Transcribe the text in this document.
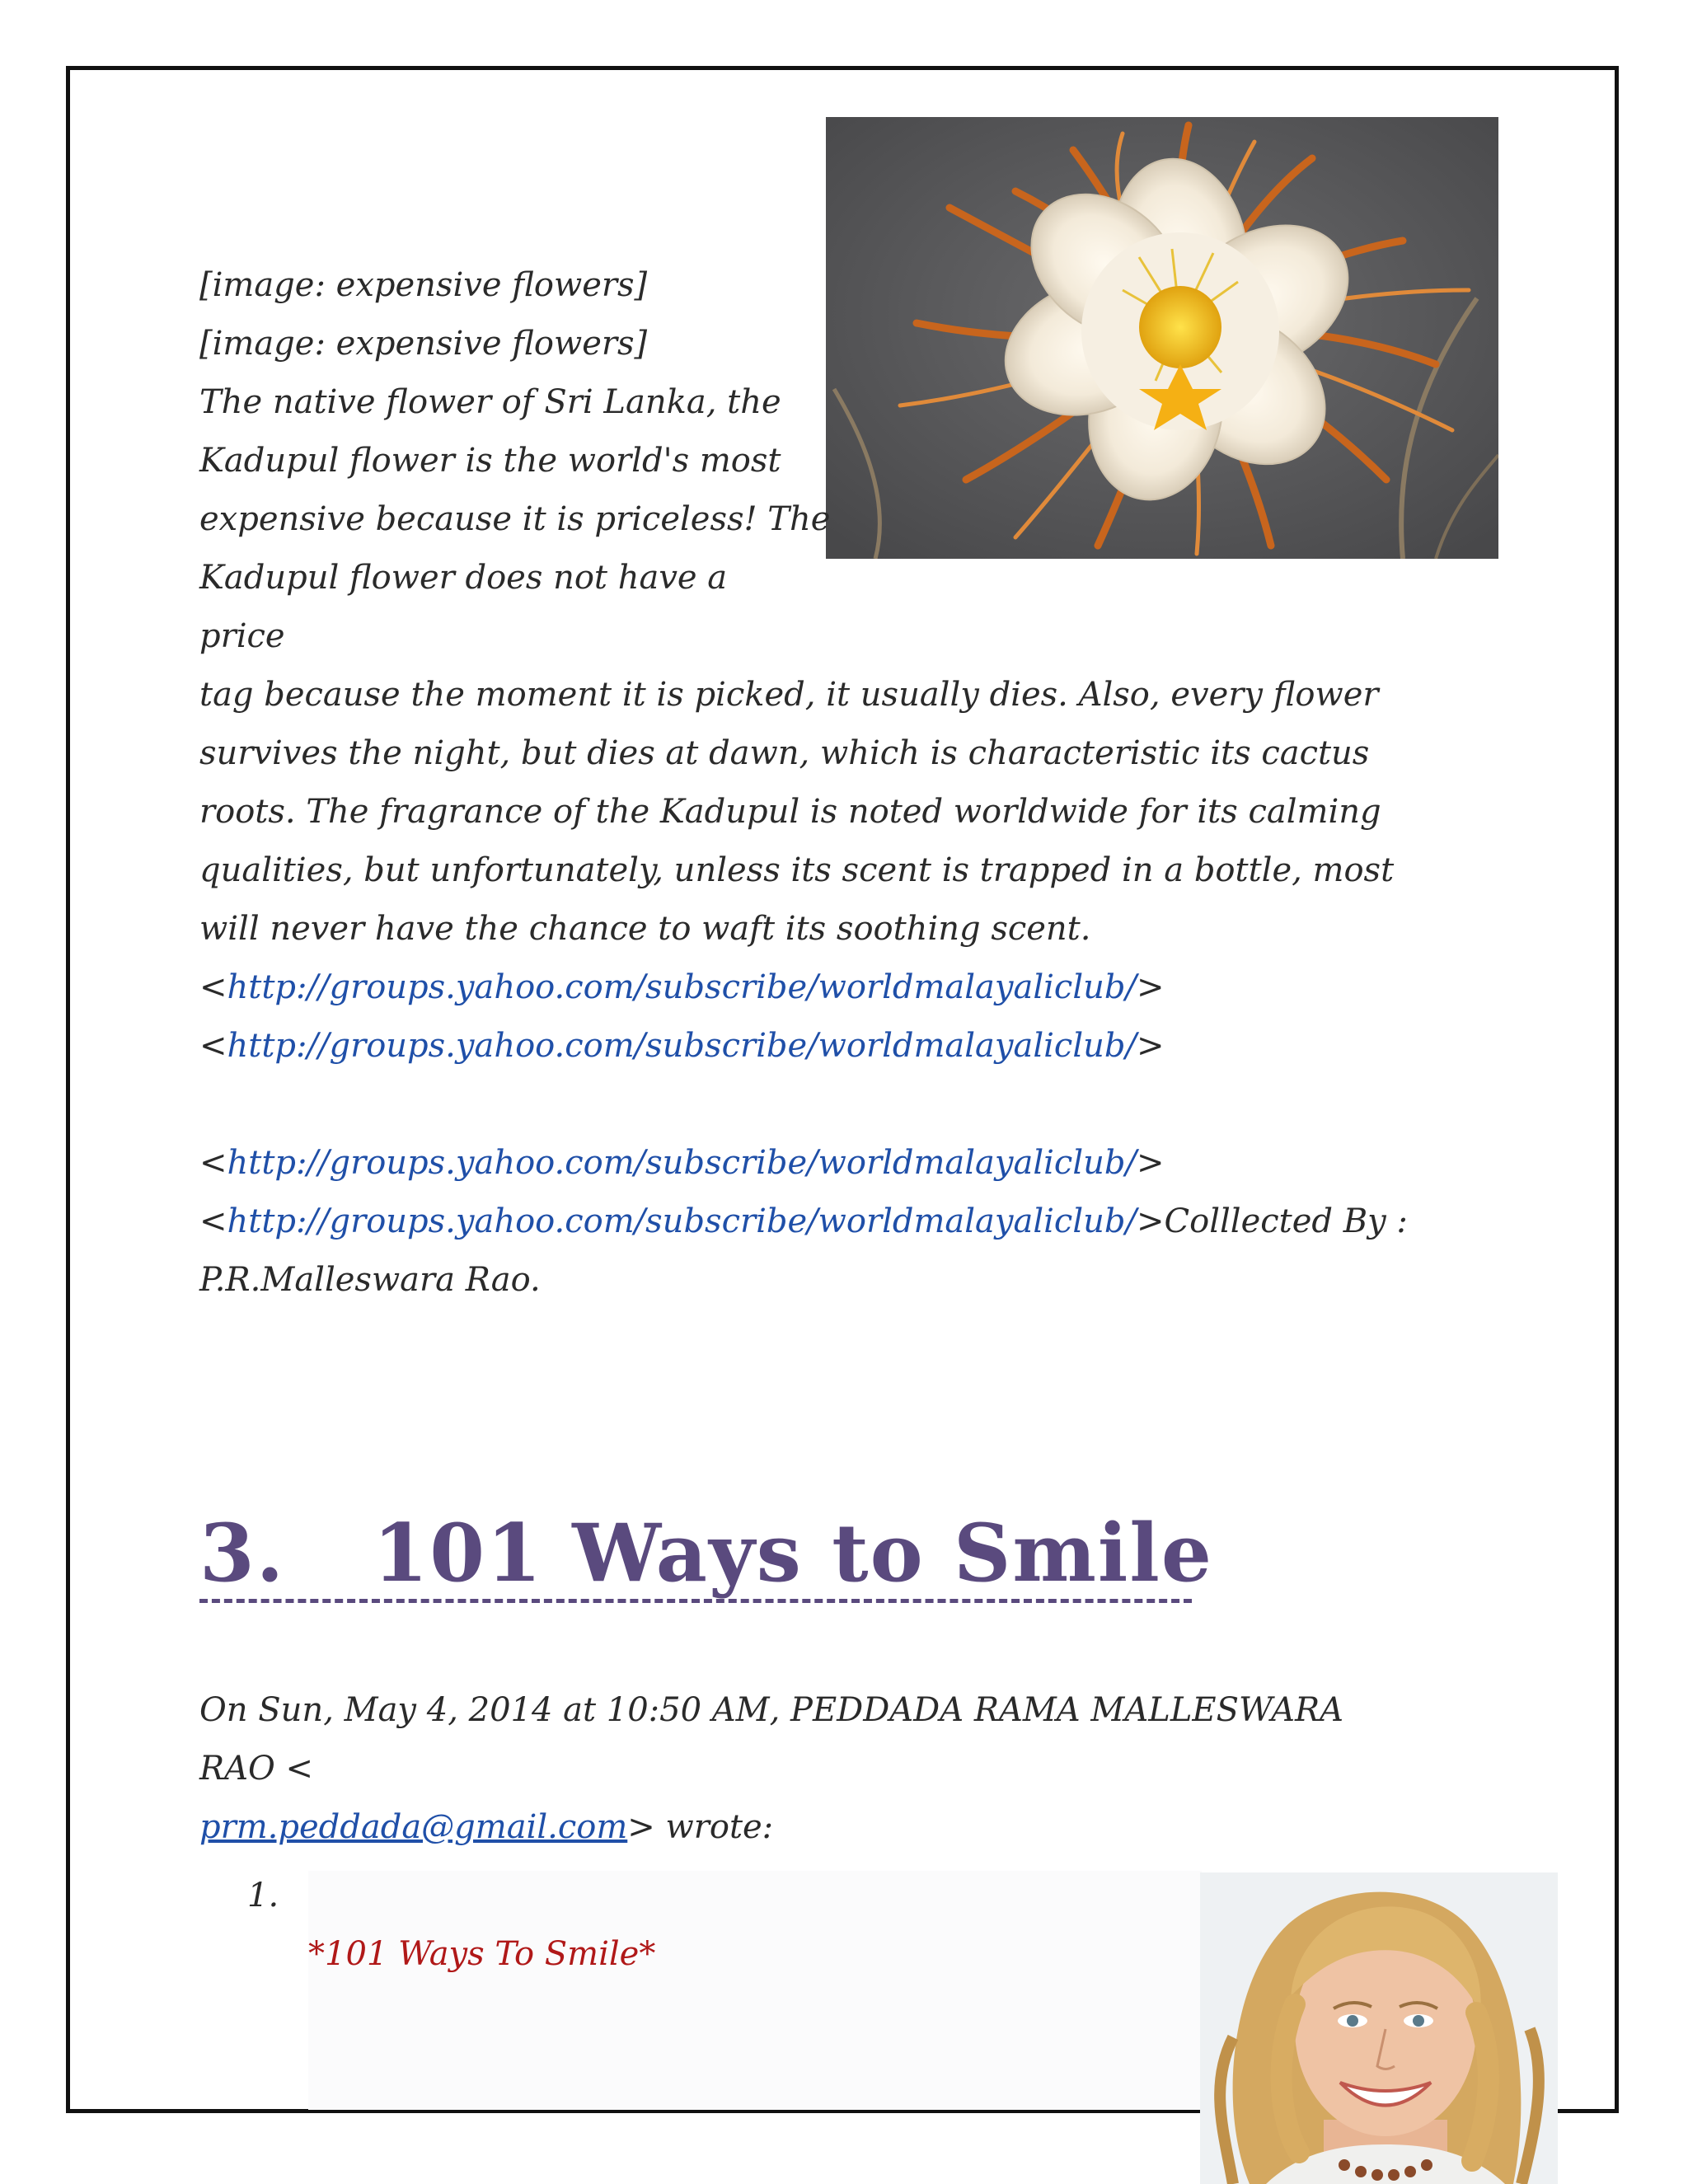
[image: expensive flowers]
[image: expensive flowers]
The native flower of Sri Lanka, the
Kadupul flower is the world's most
expensive because it is priceless! The
Kadupul flower does not have a
price
tag because the moment it is picked, it usually dies. Also, every flower
survives the night, but dies at dawn, which is characteristic its cactus
roots. The fragrance of the Kadupul is noted worldwide for its calming
qualities, but unfortunately, unless its scent is trapped in a bottle, most
will never have the chance to waft its soothing scent.
<http://groups.yahoo.com/subscribe/worldmalayaliclub/>
<http://groups.yahoo.com/subscribe/worldmalayaliclub/>
<http://groups.yahoo.com/subscribe/worldmalayaliclub/>
<http://groups.yahoo.com/subscribe/worldmalayaliclub/>Colllected By :
P.R.Malleswara Rao.
3.   101 Ways to Smile
On Sun, May 4, 2014 at 10:50 AM, PEDDADA RAMA MALLESWARA
RAO <
prm.peddada@gmail.com> wrote:
1.
*101 Ways To Smile*
